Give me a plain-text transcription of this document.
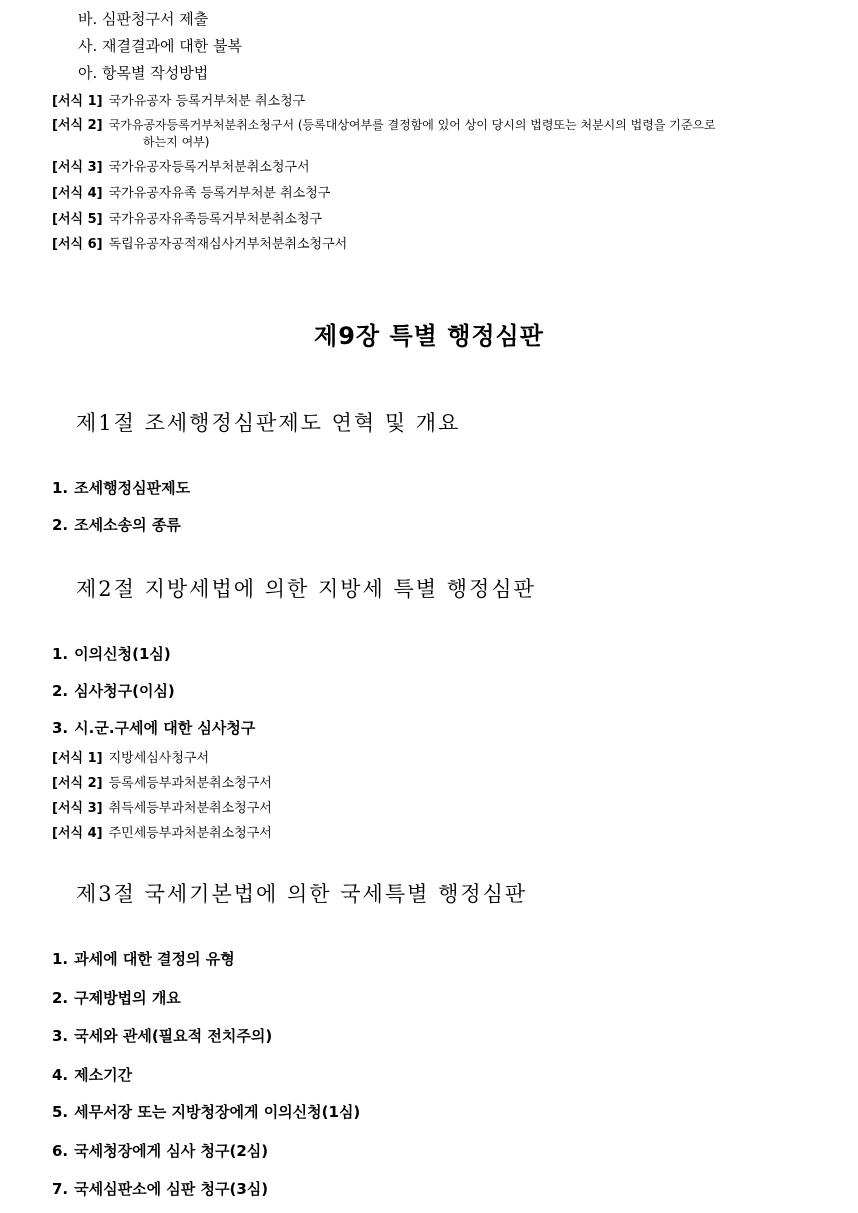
바. 심판청구서 제출
사. 재결결과에 대한 불복
아. 항목별 작성방법
[서식 1] 국가유공자 등록거부처분 취소청구
[서식 2] 국가유공자등록거부처분취소청구서 (등록대상여부를 결정함에 있어 상이 당시의 법령또는 처분시의 법령을 기준으로
하는지 여부)
[서식 3] 국가유공자등록거부처분취소청구서
[서식 4] 국가유공자유족 등록거부처분 취소청구
[서식 5] 국가유공자유족등록거부처분취소청구
[서식 6] 독립유공자공적재심사거부처분취소청구서
제9장 특별 행정심판
제1절 조세행정심판제도 연혁 및 개요
1. 조세행정심판제도
2. 조세소송의 종류
제2절 지방세법에 의한 지방세 특별 행정심판
1. 이의신청(1심)
2. 심사청구(이심)
3. 시.군.구세에 대한 심사청구
[서식 1] 지방세심사청구서
[서식 2] 등록세등부과처분취소청구서
[서식 3] 취득세등부과처분취소청구서
[서식 4] 주민세등부과처분취소청구서
제3절 국세기본법에 의한 국세특별 행정심판
1. 과세에 대한 결정의 유형
2. 구제방법의 개요
3. 국세와 관세(필요적 전치주의)
4. 제소기간
5. 세무서장 또는 지방청장에게 이의신청(1심)
6. 국세청장에게 심사 청구(2심)
7. 국세심판소에 심판 청구(3심)
